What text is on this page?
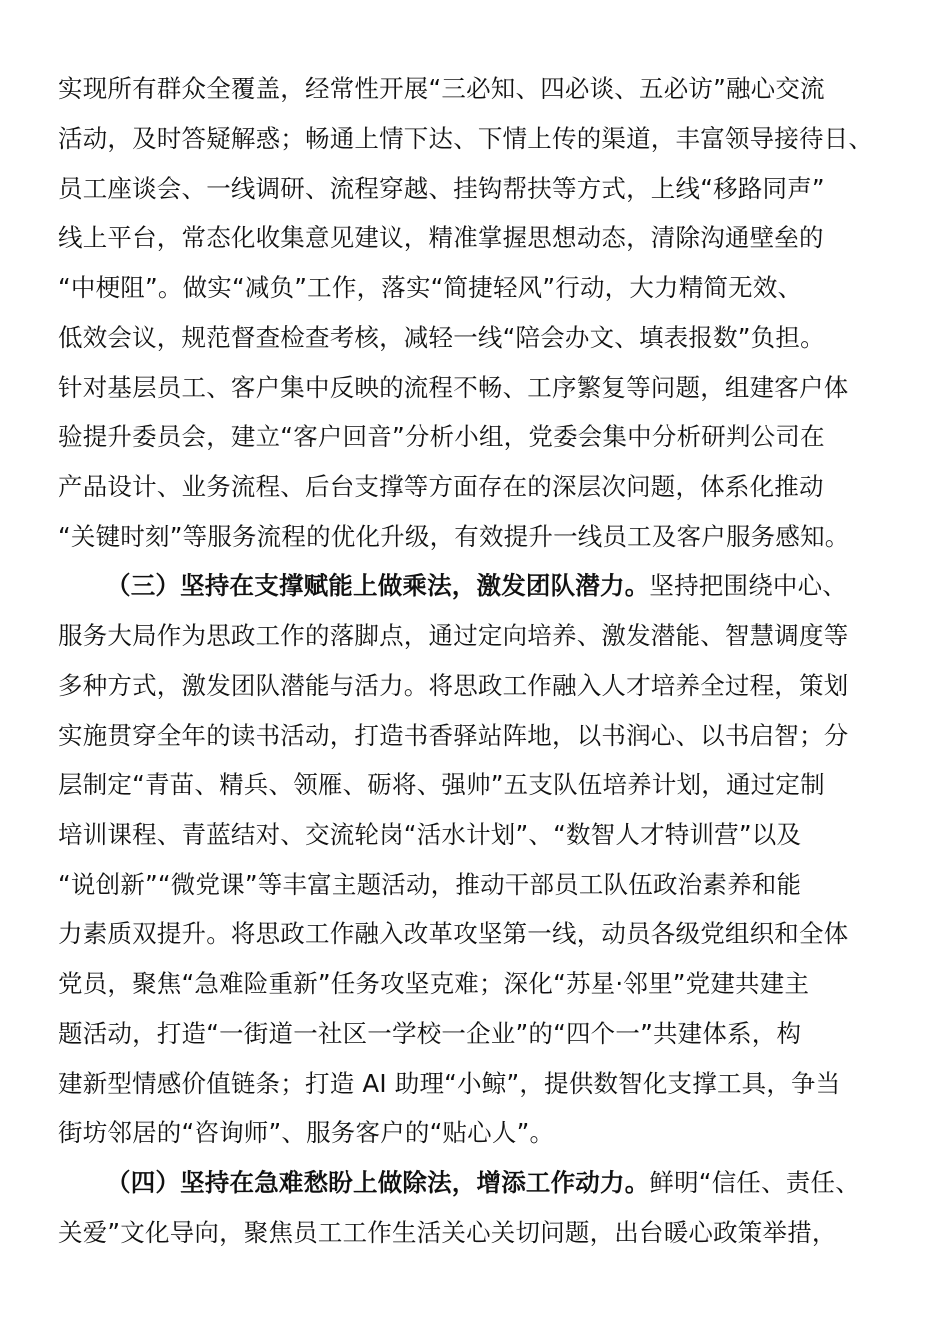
实现所有群众全覆盖，经常性开展“三必知、四必谈、五必访”融心交流
活动，及时答疑解惑；畅通上情下达、下情上传的渠道，丰富领导接待日、
员工座谈会、一线调研、流程穿越、挂钩帮扶等方式，上线“移路同声”
线上平台，常态化收集意见建议，精准掌握思想动态，清除沟通壁垒的
“中梗阻”。做实“减负”工作，落实“简捷轻风”行动，大力精简无效、
低效会议，规范督查检查考核，减轻一线“陪会办文、填表报数”负担。
针对基层员工、客户集中反映的流程不畅、工序繁复等问题，组建客户体
验提升委员会，建立“客户回音”分析小组，党委会集中分析研判公司在
产品设计、业务流程、后台支撑等方面存在的深层次问题，体系化推动
“关键时刻”等服务流程的优化升级，有效提升一线员工及客户服务感知。
（三）坚持在支撑赋能上做乘法，激发团队潜力。坚持把围绕中心、
服务大局作为思政工作的落脚点，通过定向培养、激发潜能、智慧调度等
多种方式，激发团队潜能与活力。将思政工作融入人才培养全过程，策划
实施贯穿全年的读书活动，打造书香驿站阵地，以书润心、以书启智；分
层制定“青苗、精兵、领雁、砺将、强帅”五支队伍培养计划，通过定制
培训课程、青蓝结对、交流轮岗“活水计划”、“数智人才特训营”以及
“说创新”“微党课”等丰富主题活动，推动干部员工队伍政治素养和能
力素质双提升。将思政工作融入改革攻坚第一线，动员各级党组织和全体
党员，聚焦“急难险重新”任务攻坚克难；深化“苏星·邻里”党建共建主
题活动，打造“一街道一社区一学校一企业”的“四个一”共建体系，构
建新型情感价值链条；打造 AI 助理“小鲸”，提供数智化支撑工具，争当
街坊邻居的“咨询师”、服务客户的“贴心人”。
（四）坚持在急难愁盼上做除法，增添工作动力。鲜明“信任、责任、
关爱”文化导向，聚焦员工工作生活关心关切问题，出台暖心政策举措，
